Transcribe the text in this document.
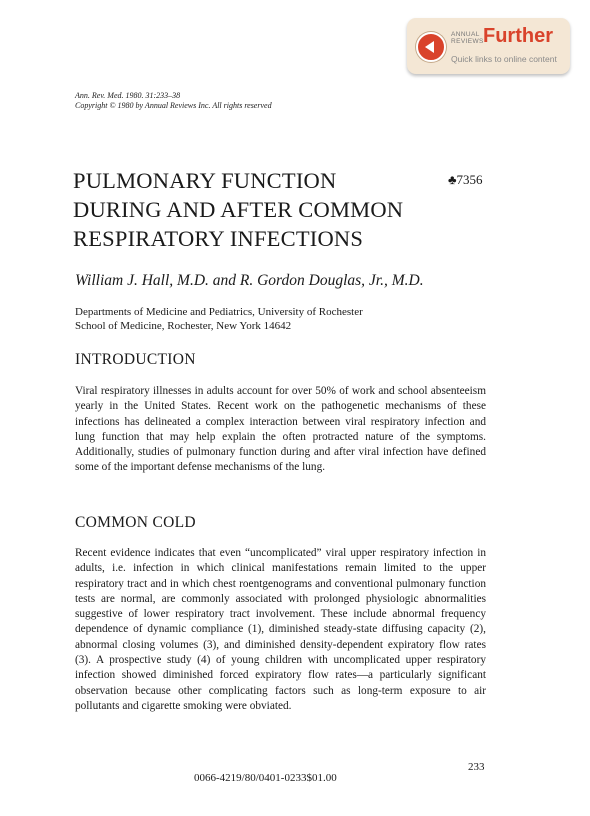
ANNUAL
REVIEWS Further
Quick links to online content
Ann. Rev. Med. 1980. 31:233–38
Copyright © 1980 by Annual Reviews Inc. All rights reserved
PULMONARY FUNCTION
DURING AND AFTER COMMON
RESPIRATORY INFECTIONS
♣7356
William J. Hall, M.D. and R. Gordon Douglas, Jr., M.D.
Departments of Medicine and Pediatrics, University of Rochester
School of Medicine, Rochester, New York 14642
INTRODUCTION

Viral respiratory illnesses in adults account for over 50% of work and school absenteeism yearly in the United States. Recent work on the pathogenetic mechanisms of these infections has delineated a complex interaction between viral respiratory infection and lung function that may help explain the often protracted nature of the symptoms. Additionally, studies of pulmonary function during and after viral infection have defined some of the important defense mechanisms of the lung.

COMMON COLD

Recent evidence indicates that even “uncomplicated” viral upper respiratory infection in adults, i.e. infection in which clinical manifestations remain limited to the upper respiratory tract and in which chest roentgenograms and conventional pulmonary function tests are normal, are commonly associated with prolonged physiologic abnormalities suggestive of lower respiratory tract involvement. These include abnormal frequency dependence of dynamic compliance (1), diminished steady-state diffusing capacity (2), abnormal closing volumes (3), and diminished density-dependent expiratory flow rates (3). A prospective study (4) of young children with uncomplicated upper respiratory infection showed diminished forced expiratory flow rates—a particularly significant observation because other complicating factors such as long-term exposure to air pollutants and cigarette smoking were obviated.

233
0066-4219/80/0401-0233$01.00
